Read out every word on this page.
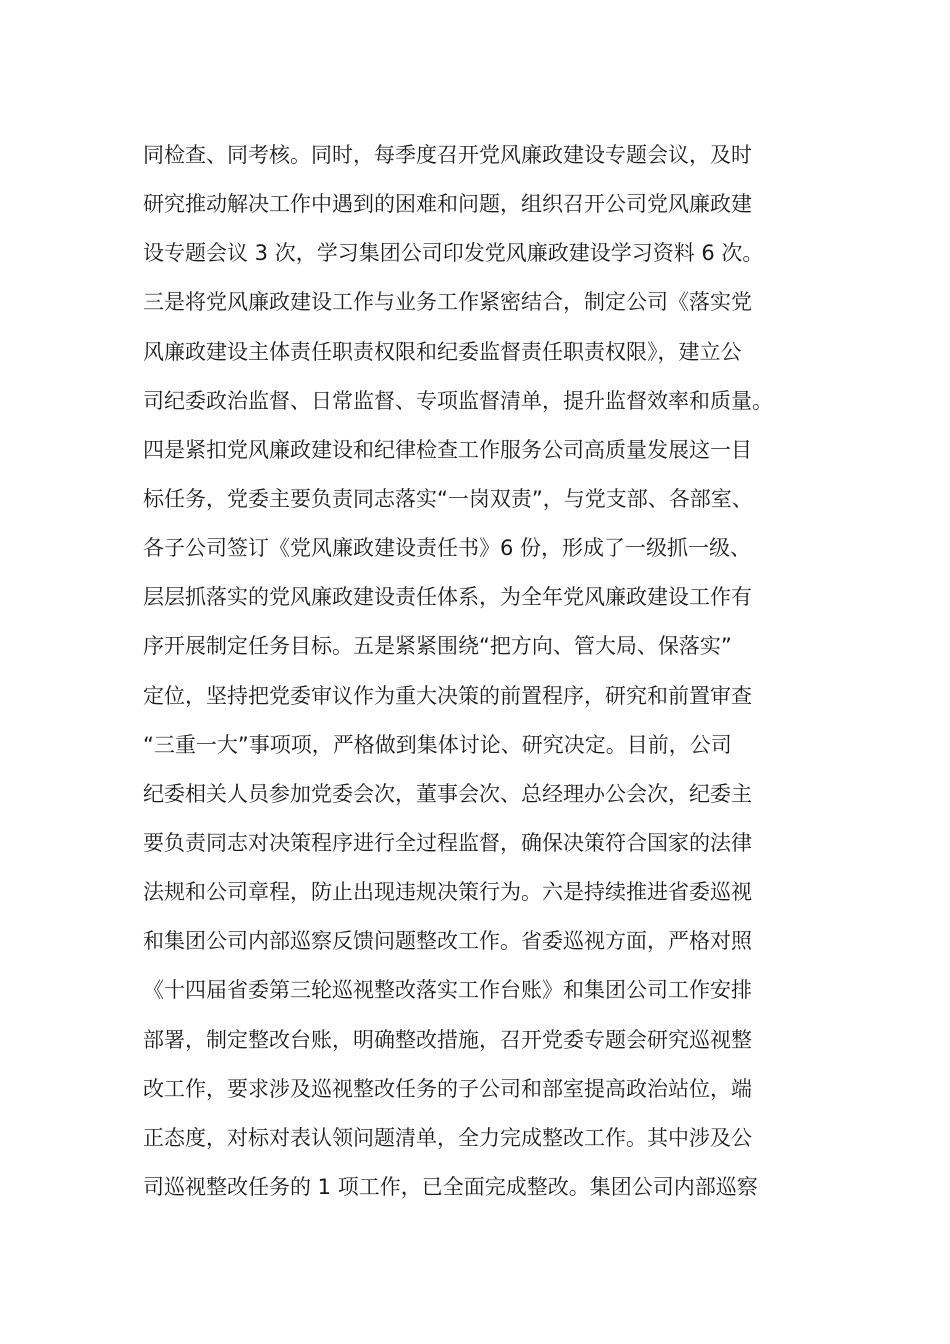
同检查、同考核。同时，每季度召开党风廉政建设专题会议，及时
研究推动解决工作中遇到的困难和问题，组织召开公司党风廉政建
设专题会议 3 次，学习集团公司印发党风廉政建设学习资料 6 次。
三是将党风廉政建设工作与业务工作紧密结合，制定公司《落实党
风廉政建设主体责任职责权限和纪委监督责任职责权限》，建立公
司纪委政治监督、日常监督、专项监督清单，提升监督效率和质量。
四是紧扣党风廉政建设和纪律检查工作服务公司高质量发展这一目
标任务，党委主要负责同志落实“一岗双责”，与党支部、各部室、
各子公司签订《党风廉政建设责任书》6 份，形成了一级抓一级、
层层抓落实的党风廉政建设责任体系，为全年党风廉政建设工作有
序开展制定任务目标。五是紧紧围绕“把方向、管大局、保落实”
定位，坚持把党委审议作为重大决策的前置程序，研究和前置审查
“三重一大”事项项，严格做到集体讨论、研究决定。目前，公司
纪委相关人员参加党委会次，董事会次、总经理办公会次，纪委主
要负责同志对决策程序进行全过程监督，确保决策符合国家的法律
法规和公司章程，防止出现违规决策行为。六是持续推进省委巡视
和集团公司内部巡察反馈问题整改工作。省委巡视方面，严格对照
《十四届省委第三轮巡视整改落实工作台账》和集团公司工作安排
部署，制定整改台账，明确整改措施，召开党委专题会研究巡视整
改工作，要求涉及巡视整改任务的子公司和部室提高政治站位，端
正态度，对标对表认领问题清单，全力完成整改工作。其中涉及公
司巡视整改任务的 1 项工作，已全面完成整改。集团公司内部巡察
